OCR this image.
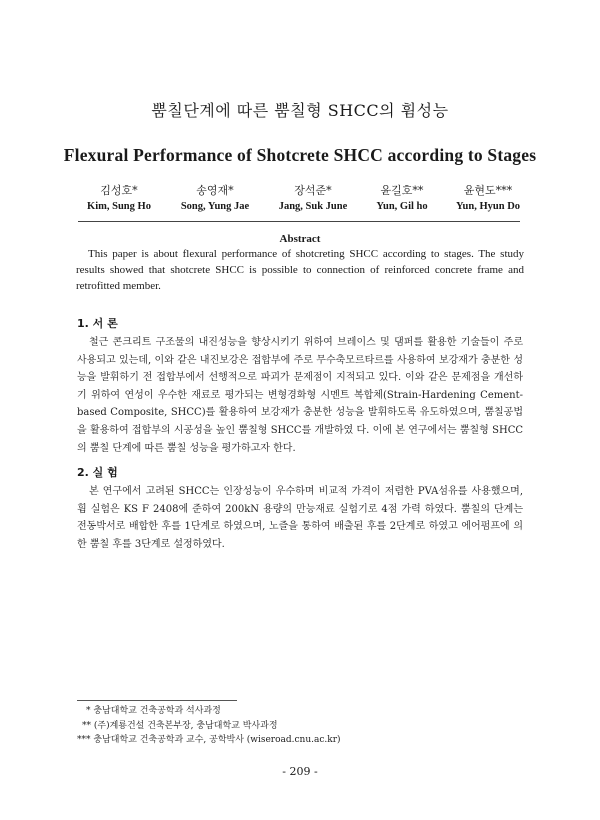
뿜칠단계에 따른 뿜칠형 SHCC의 휨성능
Flexural Performance of Shotcrete SHCC according to Stages
김성호*
Kim, Sung Ho
송영재*
Song, Yung Jae
장석준*
Jang, Suk June
윤길호**
Yun, Gil ho
윤현도***
Yun, Hyun Do
Abstract

This paper is about flexural performance of shotcreting SHCC according to stages. The study results showed that shotcrete SHCC is possible to connection of reinforced concrete frame and retrofitted member.

1. 서 론

철근 콘크리트 구조물의 내진성능을 향상시키기 위하여 브레이스 및 댐퍼를 활용한 기술들이 주로 사용되고 있는데, 이와 같은 내진보강은 접합부에 주로 무수축모르타르를 사용하여 보강재가 충분한 성능을 발휘하기 전 접합부에서 선행적으로 파괴가 문제점이 지적되고 있다. 이와 같은 문제점을 개선하기 위하여 연성이 우수한 재료로 평가되는 변형경화형 시멘트 복합체(Strain-Hardening Cement-based Composite, SHCC)를 활용하여 보강재가 충분한 성능을 발휘하도록 유도하였으며, 뿜칠공법을 활용하여 접합부의 시공성을 높인 뿜칠형 SHCC를 개발하였 다. 이에 본 연구에서는 뿜칠형 SHCC의 뿜칠 단계에 따른 뿜칠 성능을 평가하고자 한다.

2. 실 험

본 연구에서 고려된 SHCC는 인장성능이 우수하며 비교적 가격이 저렴한 PVA섬유를 사용했으며, 휨 실험은 KS F 2408에 준하여 200kN 용량의 만능재료 실험기로 4점 가력 하였다. 뿜칠의 단계는 전동박서로 배합한 후를 1단계로 하였으며, 노즐을 통하여 배출된 후를 2단계로 하였고 에어펌프에 의한 뿜칠 후를 3단계로 설정하였다.

* 충남대학교 건축공학과 석사과정
** (주)계룡건설 건축본부장, 충남대학교 박사과정
*** 충남대학교 건축공학과 교수, 공학박사 (wiseroad.cnu.ac.kr)
- 209 -
